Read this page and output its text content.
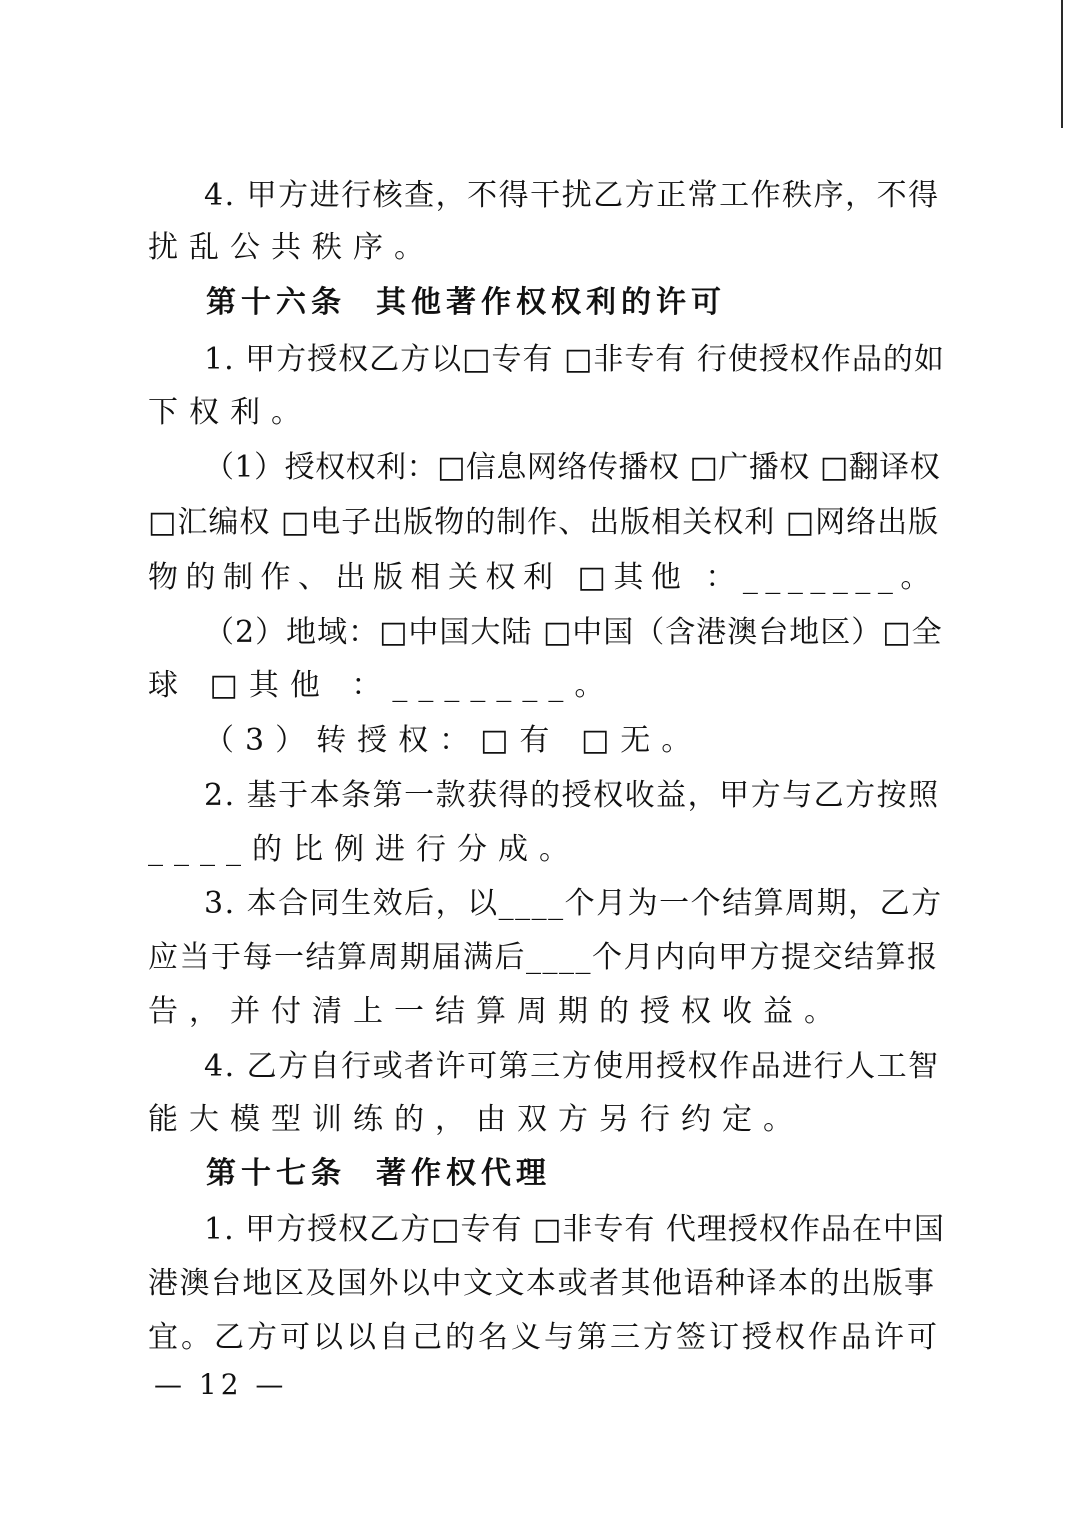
4. 甲方进行核查，不得干扰乙方正常工作秩序，不得

扰乱公共秩序。

第十六条 其他著作权权利的许可

1. 甲方授权乙方以□专有 □非专有 行使授权作品的如

下权利。

（1）授权权利：□信息网络传播权 □广播权 □翻译权

□汇编权 □电子出版物的制作、出版相关权利 □网络出版

物的制作、出版相关权利 □其他 ：_______。

（2）地域：□中国大陆 □中国（含港澳台地区）□全

球 □其他 ：_______。

（3）转授权：□有 □无。

2. 基于本条第一款获得的授权收益，甲方与乙方按照

____的比例进行分成。

3. 本合同生效后，以____个月为一个结算周期，乙方

应当于每一结算周期届满后____个月内向甲方提交结算报

告，并付清上一结算周期的授权收益。

4. 乙方自行或者许可第三方使用授权作品进行人工智

能大模型训练的，由双方另行约定。

第十七条 著作权代理

1. 甲方授权乙方□专有 □非专有 代理授权作品在中国

港澳台地区及国外以中文文本或者其他语种译本的出版事

宜。乙方可以以自己的名义与第三方签订授权作品许可

— 12 —
